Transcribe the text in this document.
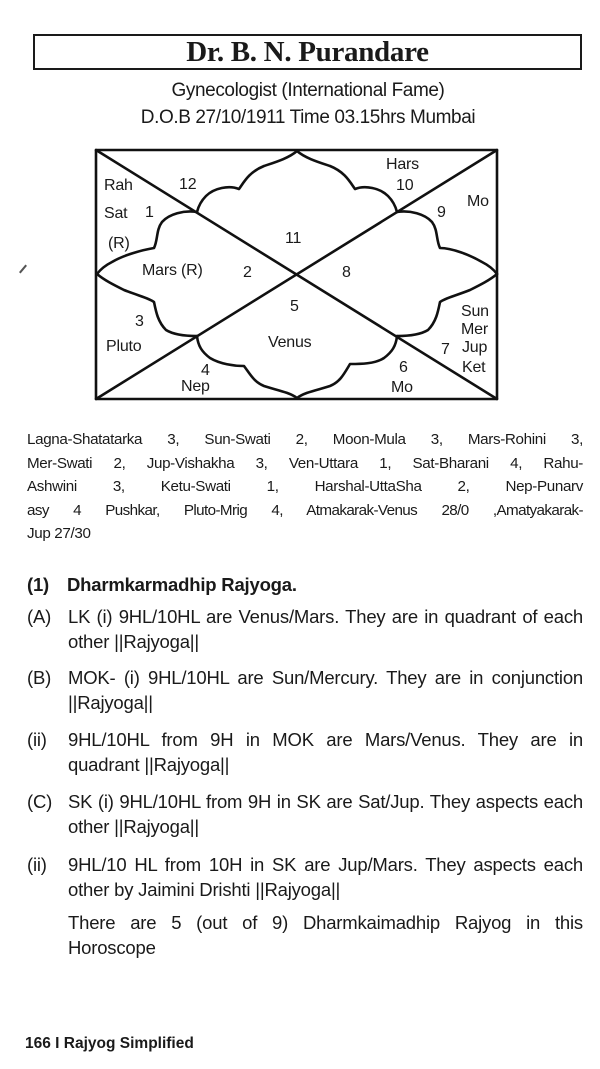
Dr. B. N. Purandare
Gynecologist (International Fame)
D.O.B 27/10/1911 Time 03.15hrs Mumbai
Rah
Sat
(R)
1
12
11
Mars (R)	2
Hars
10
9
Mo
8
5
Venus
3
Pluto
4
Nep
6
Mo
7
Sun
Mer
Jup
Ket
Lagna-Shatatarka 3, Sun-Swati 2, Moon-Mula 3, Mars-Rohini 3,
Mer-Swati 2, Jup-Vishakha 3, Ven-Uttara 1, Sat-Bharani 4, Rahu-
Ashwini 3, Ketu-Swati 1, Harshal-UttaSha 2, Nep-Punarv
asy 4 Pushkar, Pluto-Mrig 4, Atmakarak-Venus 28/0 ,Amatyakarak-
Jup 27/30
(1) Dharmkarmadhip Rajyoga.
(A) LK (i) 9HL/10HL are Venus/Mars. They are in quadrant of each other ||Rajyoga||
(B) MOK- (i) 9HL/10HL are Sun/Mercury. They are in conjunction ||Rajyoga||
(ii) 9HL/10HL from 9H in MOK are Mars/Venus. They are in quadrant ||Rajyoga||
(C) SK (i) 9HL/10HL from 9H in SK are Sat/Jup. They aspects each other ||Rajyoga||
(ii) 9HL/10 HL from 10H in SK are Jup/Mars. They aspects each other by Jaimini Drishti ||Rajyoga||
There are 5 (out of 9) Dharmkaimadhip Rajyog in this Horoscope
166 I Rajyog Simplified
